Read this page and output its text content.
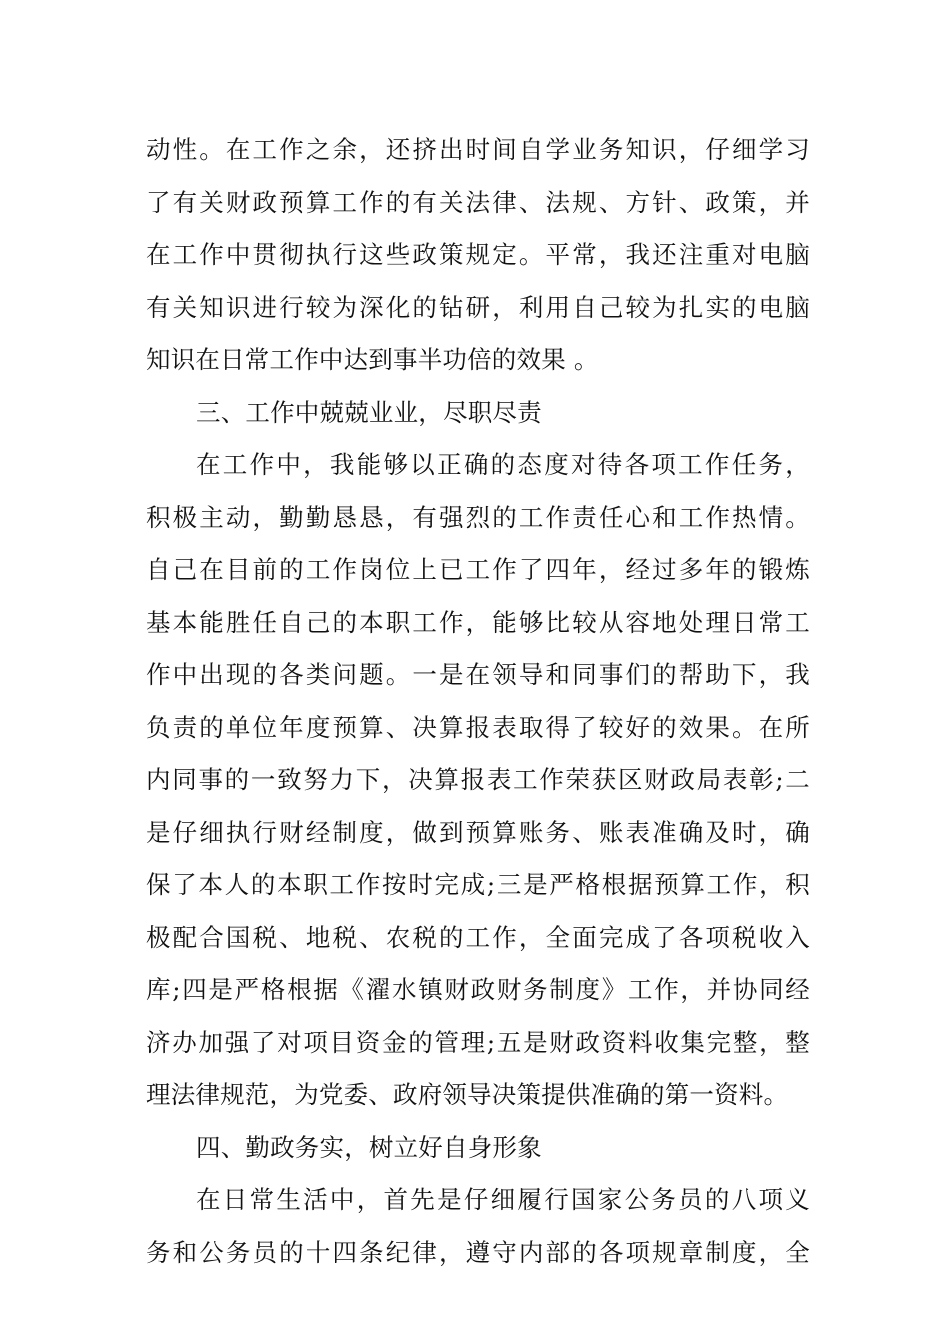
动性。在工作之余，还挤出时间自学业务知识，仔细学习
了有关财政预算工作的有关法律、法规、方针、政策，并
在工作中贯彻执行这些政策规定。平常，我还注重对电脑
有关知识进行较为深化的钻研，利用自己较为扎实的电脑
知识在日常工作中达到事半功倍的效果 。
三、工作中兢兢业业，尽职尽责
在工作中，我能够以正确的态度对待各项工作任务，
积极主动，勤勤恳恳，有强烈的工作责任心和工作热情。
自己在目前的工作岗位上已工作了四年，经过多年的锻炼
基本能胜任自己的本职工作，能够比较从容地处理日常工
作中出现的各类问题。一是在领导和同事们的帮助下，我
负责的单位年度预算、决算报表取得了较好的效果。在所
内同事的一致努力下，决算报表工作荣获区财政局表彰;二
是仔细执行财经制度，做到预算账务、账表准确及时，确
保了本人的本职工作按时完成;三是严格根据预算工作，积
极配合国税、地税、农税的工作，全面完成了各项税收入
库;四是严格根据《濯水镇财政财务制度》工作，并协同经
济办加强了对项目资金的管理;五是财政资料收集完整，整
理法律规范，为党委、政府领导决策提供准确的第一资料。
四、勤政务实，树立好自身形象
在日常生活中，首先是仔细履行国家公务员的八项义
务和公务员的十四条纪律，遵守内部的各项规章制度，全
